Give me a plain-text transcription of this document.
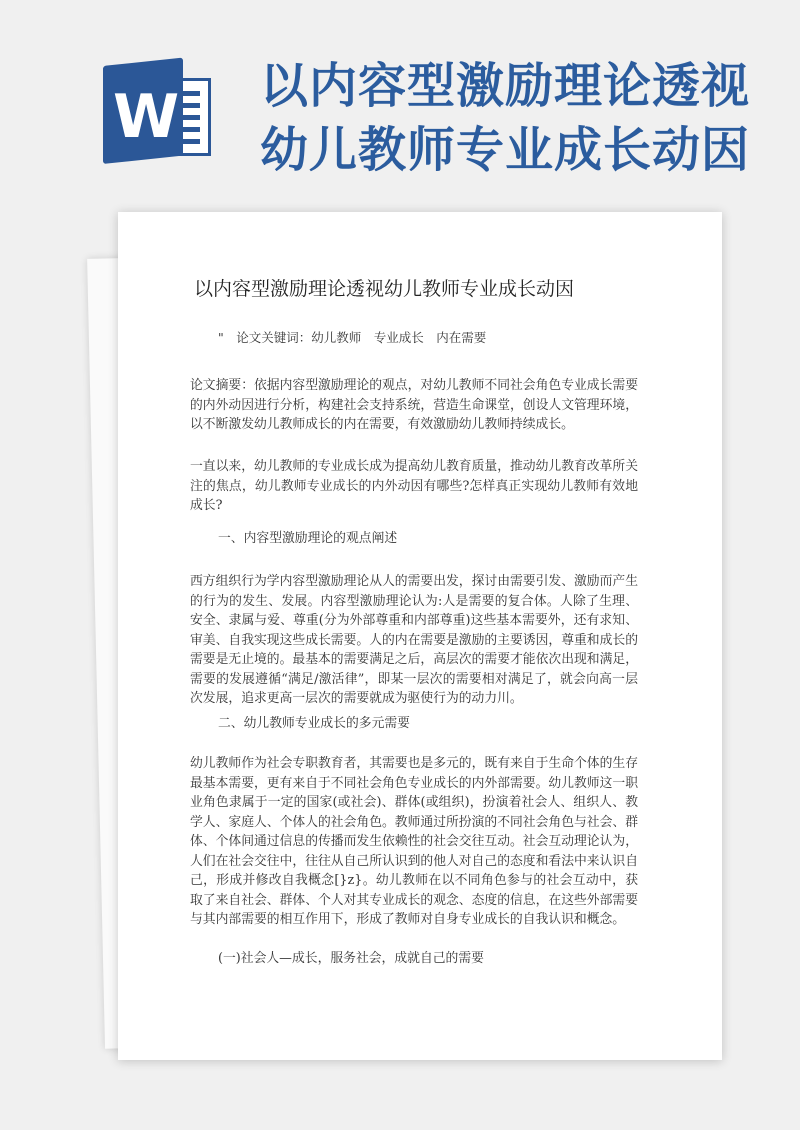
W 以内容型激励理论透视
幼儿教师专业成长动因
以内容型激励理论透视幼儿教师专业成长动因
"　论文关键词：幼儿教师　专业成长　内在需要
论文摘要：依据内容型激励理论的观点，对幼儿教师不同社会角色专业成长需要的内外动因进行分析，构建社会支持系统，营造生命课堂，创设人文管理环境，以不断激发幼儿教师成长的内在需要，有效激励幼儿教师持续成长。
一直以来，幼儿教师的专业成长成为提高幼儿教育质量，推动幼儿教育改革所关注的焦点，幼儿教师专业成长的内外动因有哪些?怎样真正实现幼儿教师有效地成长?
一、内容型激励理论的观点阐述
西方组织行为学内容型激励理论从人的需要出发，探讨由需要引发、激励而产生的行为的发生、发展。内容型激励理论认为:人是需要的复合体。人除了生理、安全、隶属与爱、尊重(分为外部尊重和内部尊重)这些基本需要外，还有求知、审美、自我实现这些成长需要。人的内在需要是激励的主要诱因，尊重和成长的需要是无止境的。最基本的需要满足之后，高层次的需要才能依次出现和满足，需要的发展遵循“满足/激活律”，即某一层次的需要相对满足了，就会向高一层次发展，追求更高一层次的需要就成为驱使行为的动力川。
二、幼儿教师专业成长的多元需要
幼儿教师作为社会专职教育者，其需要也是多元的，既有来自于生命个体的生存最基本需要，更有来自于不同社会角色专业成长的内外部需要。幼儿教师这一职业角色隶属于一定的国家(或社会)、群体(或组织)，扮演着社会人、组织人、教学人、家庭人、个体人的社会角色。教师通过所扮演的不同社会角色与社会、群体、个体间通过信息的传播而发生依赖性的社会交往互动。社会互动理论认为，人们在社会交往中，往往从自己所认识到的他人对自己的态度和看法中来认识自己，形成并修改自我概念[}z}。幼儿教师在以不同角色参与的社会互动中，获取了来自社会、群体、个人对其专业成长的观念、态度的信息，在这些外部需要与其内部需要的相互作用下，形成了教师对自身专业成长的自我认识和概念。
(一)社会人—成长，服务社会，成就自己的需要
